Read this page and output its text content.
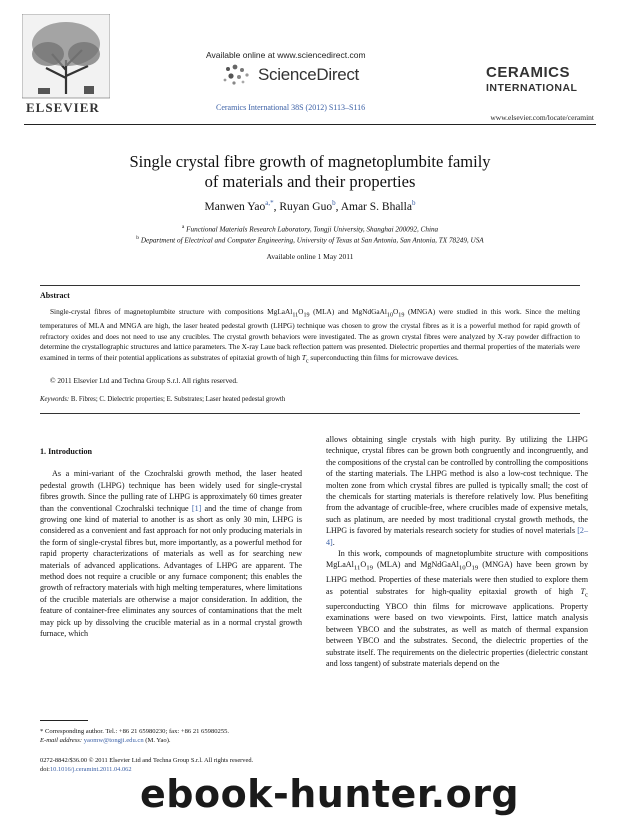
ELSEVIER
Available online at www.sciencedirect.com
ScienceDirect
Ceramics International 38S (2012) S113–S116
CERAMICS
INTERNATIONAL
www.elsevier.com/locate/ceramint
Single crystal fibre growth of magnetoplumbite family
of materials and their properties
Manwen Yao$^{a,*}$, Ruyan Guo$^b$, Amar S. Bhalla$^b$
$^a$ Functional Materials Research Laboratory, Tongji University, Shanghai 200092, China
$^b$ Department of Electrical and Computer Engineering, University of Texas at San Antonia, San Antonia, TX 78249, USA
Available online 1 May 2011
Abstract
Single-crystal fibres of magnetoplumbite structure with compositions $MgLaAl_{11}O_{19}$ (MLA) and $MgNdGaAl_{10}O_{19}$ (MNGA) were studied in this work. Since the melting temperatures of MLA and MNGA are high, the laser heated pedestal growth (LHPG) technique was chosen to grow the crystal fibres as it is a powerful method for rapid growth of refractory oxides and does not need to use any crucibles. The crystal growth behaviors were investigated. The as grown crystal fibres were analyzed by X-ray powder diffraction to determine the crystallographic structures and lattice parameters. The X-ray Laue back reflection pattern was presented. Dielectric properties and thermal properties of the materials were examined in terms of their potential applications as substrates of epitaxial growth of high $T_c$ superconducting thin films for microwave devices.
© 2011 Elsevier Ltd and Techna Group S.r.l. All rights reserved.
Keywords: B. Fibres; C. Dielectric properties; E. Substrates; Laser heated pedestal growth
1. Introduction
As a mini-variant of the Czochralski growth method, the laser heated pedestal growth (LHPG) technique has been widely used for single-crystal fibres growth. Since the pulling rate of LHPG is approximately 60 times greater than the conventional Czochralski technique [1] and the time of change from growing one kind of material to another is as short as only 30 min, LHPG is considered as a convenient and fast approach for not only producing materials in the form of single-crystal fibres but, more importantly, as a powerful method for rapid property characterizations of materials as well as for searching new materials of advanced applications. Advantages of LHPG are apparent. The method does not require a crucible or any furnace component; this enables the growth of refractory materials with high melting temperatures, where limitations of the crucible materials are otherwise a major consideration. In addition, the feature of container-free eliminates any sources of contaminations that the melt may pick up by dissolving the crucible material as in a normal crystal growth furnace, which
allows obtaining single crystals with high purity. By utilizing the LHPG technique, crystal fibres can be grown both congruently and incongruently, and the compositions of the crystal can be controlled by controlling the compositions of the starting materials. The LHPG method is also a low-cost technique. The molten zone from which crystal fibres are pulled is typically small; the cost of the chemicals for starting materials is therefore relatively low. Plus benefiting from the advantage of crucible-free, where crucibles made of expensive metals, such as platinum, are needed by most traditional crystal growth methods, the LHPG is favored by materials research society for studies of novel materials [2–4].
In this work, compounds of magnetoplumbite structure with compositions $MgLaAl_{11}O_{19}$ (MLA) and $MgNdGaAl_{10}O_{19}$ (MNGA) have been grown by LHPG method. Properties of these materials were then studied to explore them as potential substrates for high-quality epitaxial growth of high $T_c$ superconducting YBCO thin films for microwave applications. Property examinations were based on two viewpoints. First, lattice match analysis between YBCO and the substrates, as well as match of thermal expansion between YBCO and the substrates. Second, the dielectric properties of the substrate itself. The requirements on the dielectric properties (dielectric constant and loss tangent) of substrate materials depend on the
* Corresponding author. Tel.: +86 21 65980230; fax: +86 21 65980255.
E-mail address: yaomw@tongji.edu.cn (M. Yao).
0272-8842/$36.00 © 2011 Elsevier Ltd and Techna Group S.r.l. All rights reserved.
doi:10.1016/j.ceramint.2011.04.062
ebook-hunter.org
